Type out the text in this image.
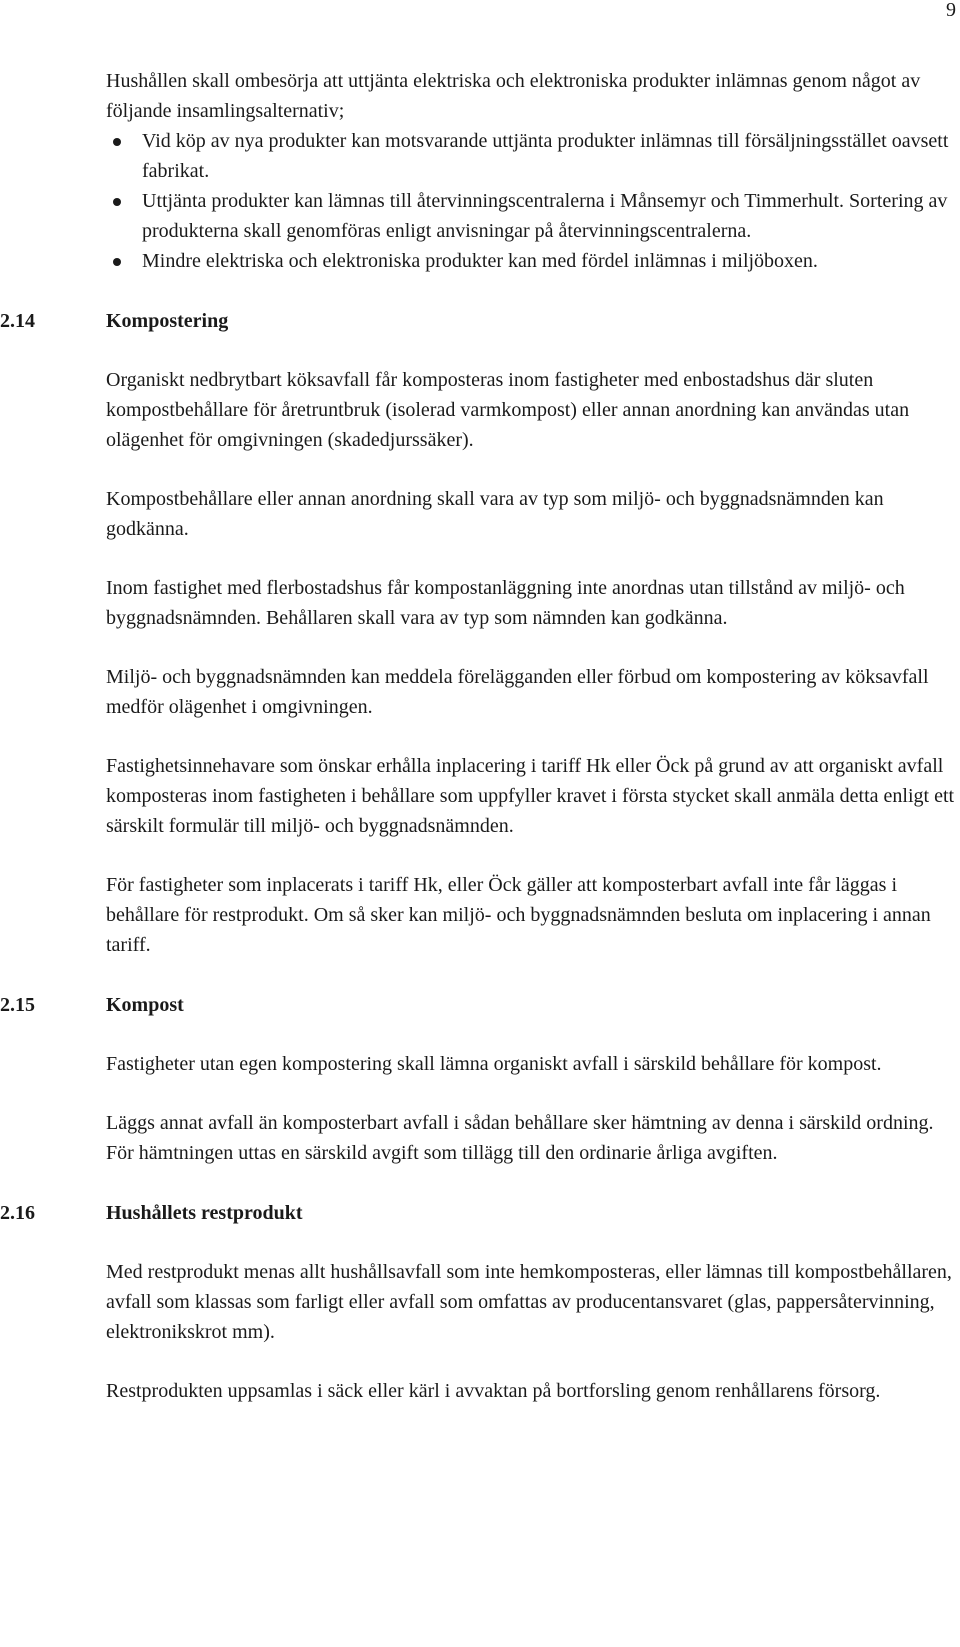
9

Hushållen skall ombesörja att uttjänta elektriska och elektroniska produkter inlämnas genom något av följande insamlingsalternativ;

Vid köp av nya produkter kan motsvarande uttjänta produkter inlämnas till försäljningsstället oavsett fabrikat.
Uttjänta produkter kan lämnas till återvinningscentralerna i Månsemyr och Timmerhult. Sortering av produkterna skall genomföras enligt anvisningar på återvinningscentralerna.
Mindre elektriska och elektroniska produkter kan med fördel inlämnas i miljöboxen.
2.14	Kompostering

Organiskt nedbrytbart köksavfall får komposteras inom fastigheter med enbostadshus där sluten kompostbehållare för åretruntbruk (isolerad varmkompost) eller annan anordning kan användas utan olägenhet för omgivningen (skadedjurssäker).

Kompostbehållare eller annan anordning skall vara av typ som miljö- och byggnadsnämnden kan godkänna.

Inom fastighet med flerbostadshus får kompostanläggning inte anordnas utan tillstånd av miljö- och byggnadsnämnden. Behållaren skall vara av typ som nämnden kan godkänna.

Miljö- och byggnadsnämnden kan meddela förelägganden eller förbud om kompostering av köksavfall medför olägenhet i omgivningen.

Fastighetsinnehavare som önskar erhålla inplacering i tariff Hk eller Öck på grund av att organiskt avfall komposteras inom fastigheten i behållare som uppfyller kravet i första stycket skall anmäla detta enligt ett särskilt formulär till miljö- och byggnadsnämnden.

För fastigheter som inplacerats i tariff Hk, eller Öck gäller att komposterbart avfall inte får läggas i behållare för restprodukt. Om så sker kan miljö- och byggnadsnämnden besluta om inplacering i annan tariff.

2.15	Kompost

Fastigheter utan egen kompostering skall lämna organiskt avfall i särskild behållare för kompost.

Läggs annat avfall än komposterbart avfall i sådan behållare sker hämtning av denna i särskild ordning. För hämtningen uttas en särskild avgift som tillägg till den ordinarie årliga avgiften.

2.16	Hushållets restprodukt

Med restprodukt menas allt hushållsavfall som inte hemkomposteras, eller lämnas till kompostbehållaren, avfall som klassas som farligt eller avfall som omfattas av producentansvaret (glas, pappersåtervinning, elektronikskrot mm).

Restprodukten uppsamlas i säck eller kärl i avvaktan på bortforsling genom renhållarens försorg.
